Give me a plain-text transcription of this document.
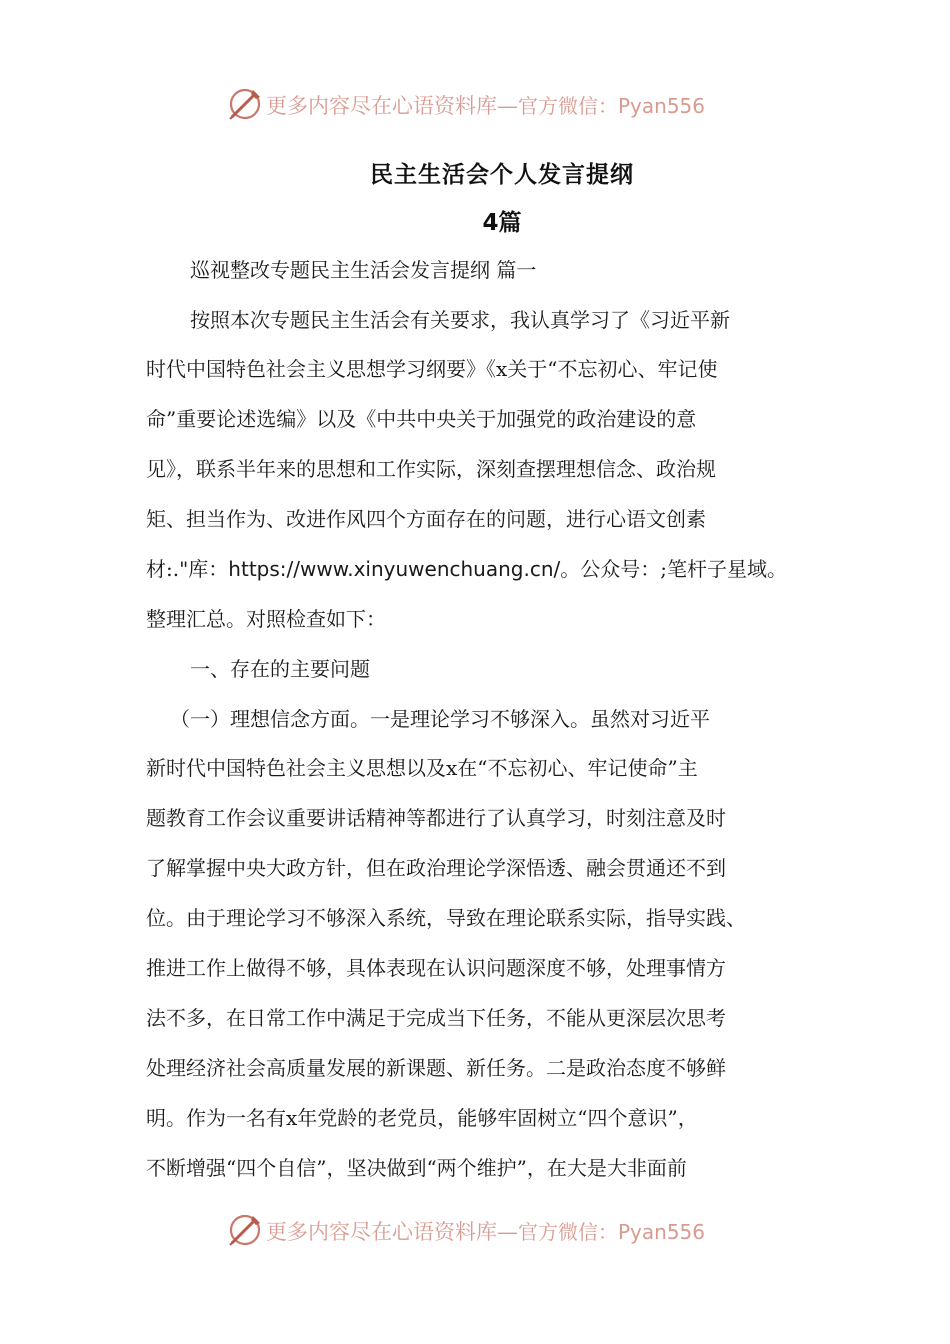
更多内容尽在心语资料库—官方微信：Pyan556
民主生活会个人发言提纲
4篇
巡视整改专题民主生活会发言提纲 篇一
按照本次专题民主生活会有关要求，我认真学习了《习近平新
时代中国特色社会主义思想学习纲要》《x关于“不忘初心、牢记使
命”重要论述选编》以及《中共中央关于加强党的政治建设的意
见》，联系半年来的思想和工作实际，深刻查摆理想信念、政治规
矩、担当作为、改进作风四个方面存在的问题，进行心语文创素
材:."库：https://www.xinyuwenchuang.cn/。公众号：;笔杆子星域。
整理汇总。对照检查如下：
一、存在的主要问题
（一）理想信念方面。一是理论学习不够深入。虽然对习近平
新时代中国特色社会主义思想以及x在“不忘初心、牢记使命”主
题教育工作会议重要讲话精神等都进行了认真学习，时刻注意及时
了解掌握中央大政方针，但在政治理论学深悟透、融会贯通还不到
位。由于理论学习不够深入系统，导致在理论联系实际，指导实践、
推进工作上做得不够，具体表现在认识问题深度不够，处理事情方
法不多，在日常工作中满足于完成当下任务，不能从更深层次思考
处理经济社会高质量发展的新课题、新任务。二是政治态度不够鲜
明。作为一名有x年党龄的老党员，能够牢固树立“四个意识”，
不断增强“四个自信”，坚决做到“两个维护”，在大是大非面前
更多内容尽在心语资料库—官方微信：Pyan556
